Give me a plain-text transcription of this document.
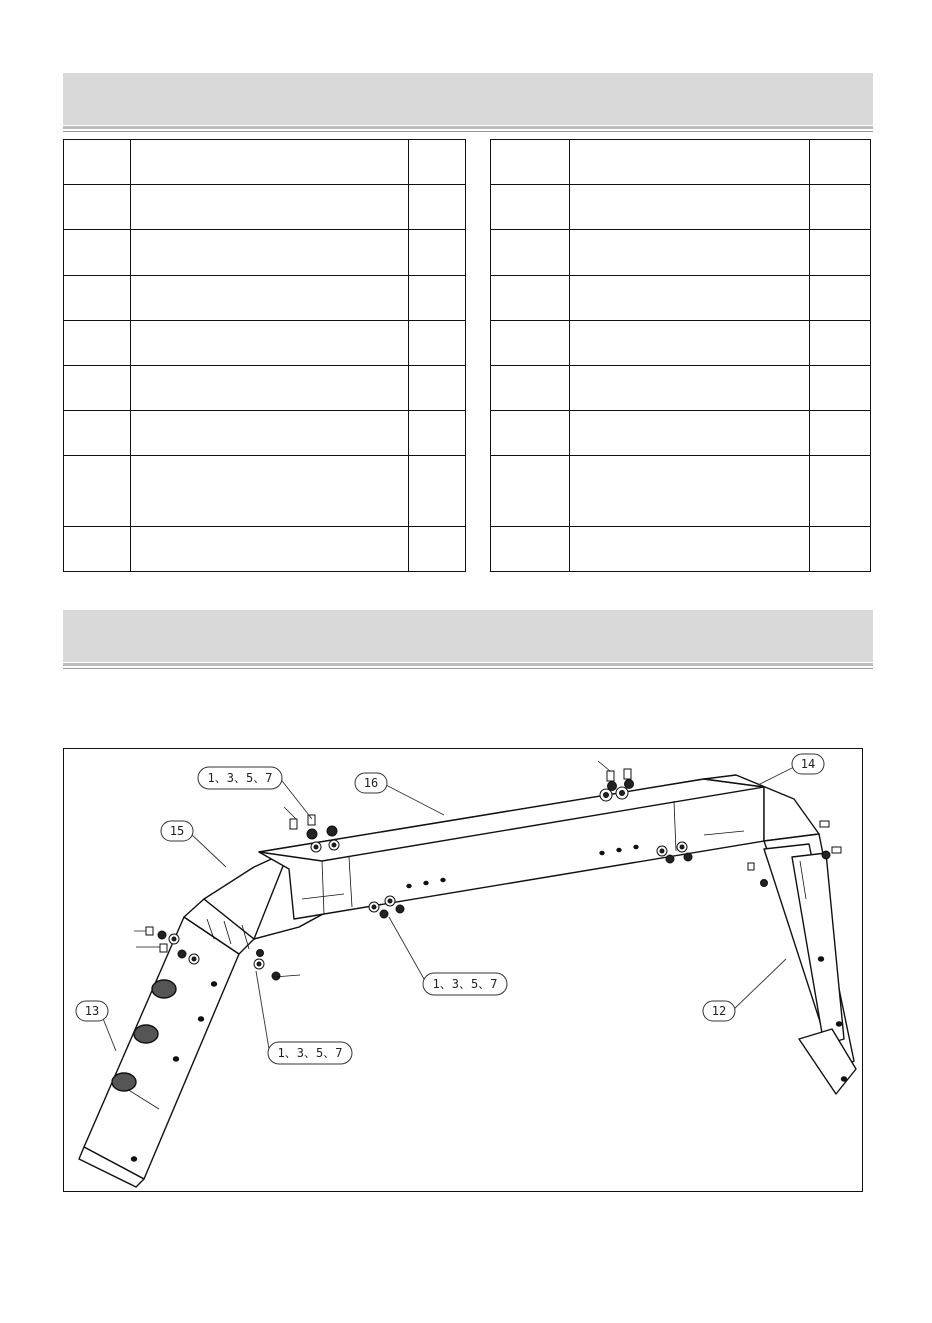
16
15
14
13	12
1、3、5、7
1、3、5、7
1、3、5、7
